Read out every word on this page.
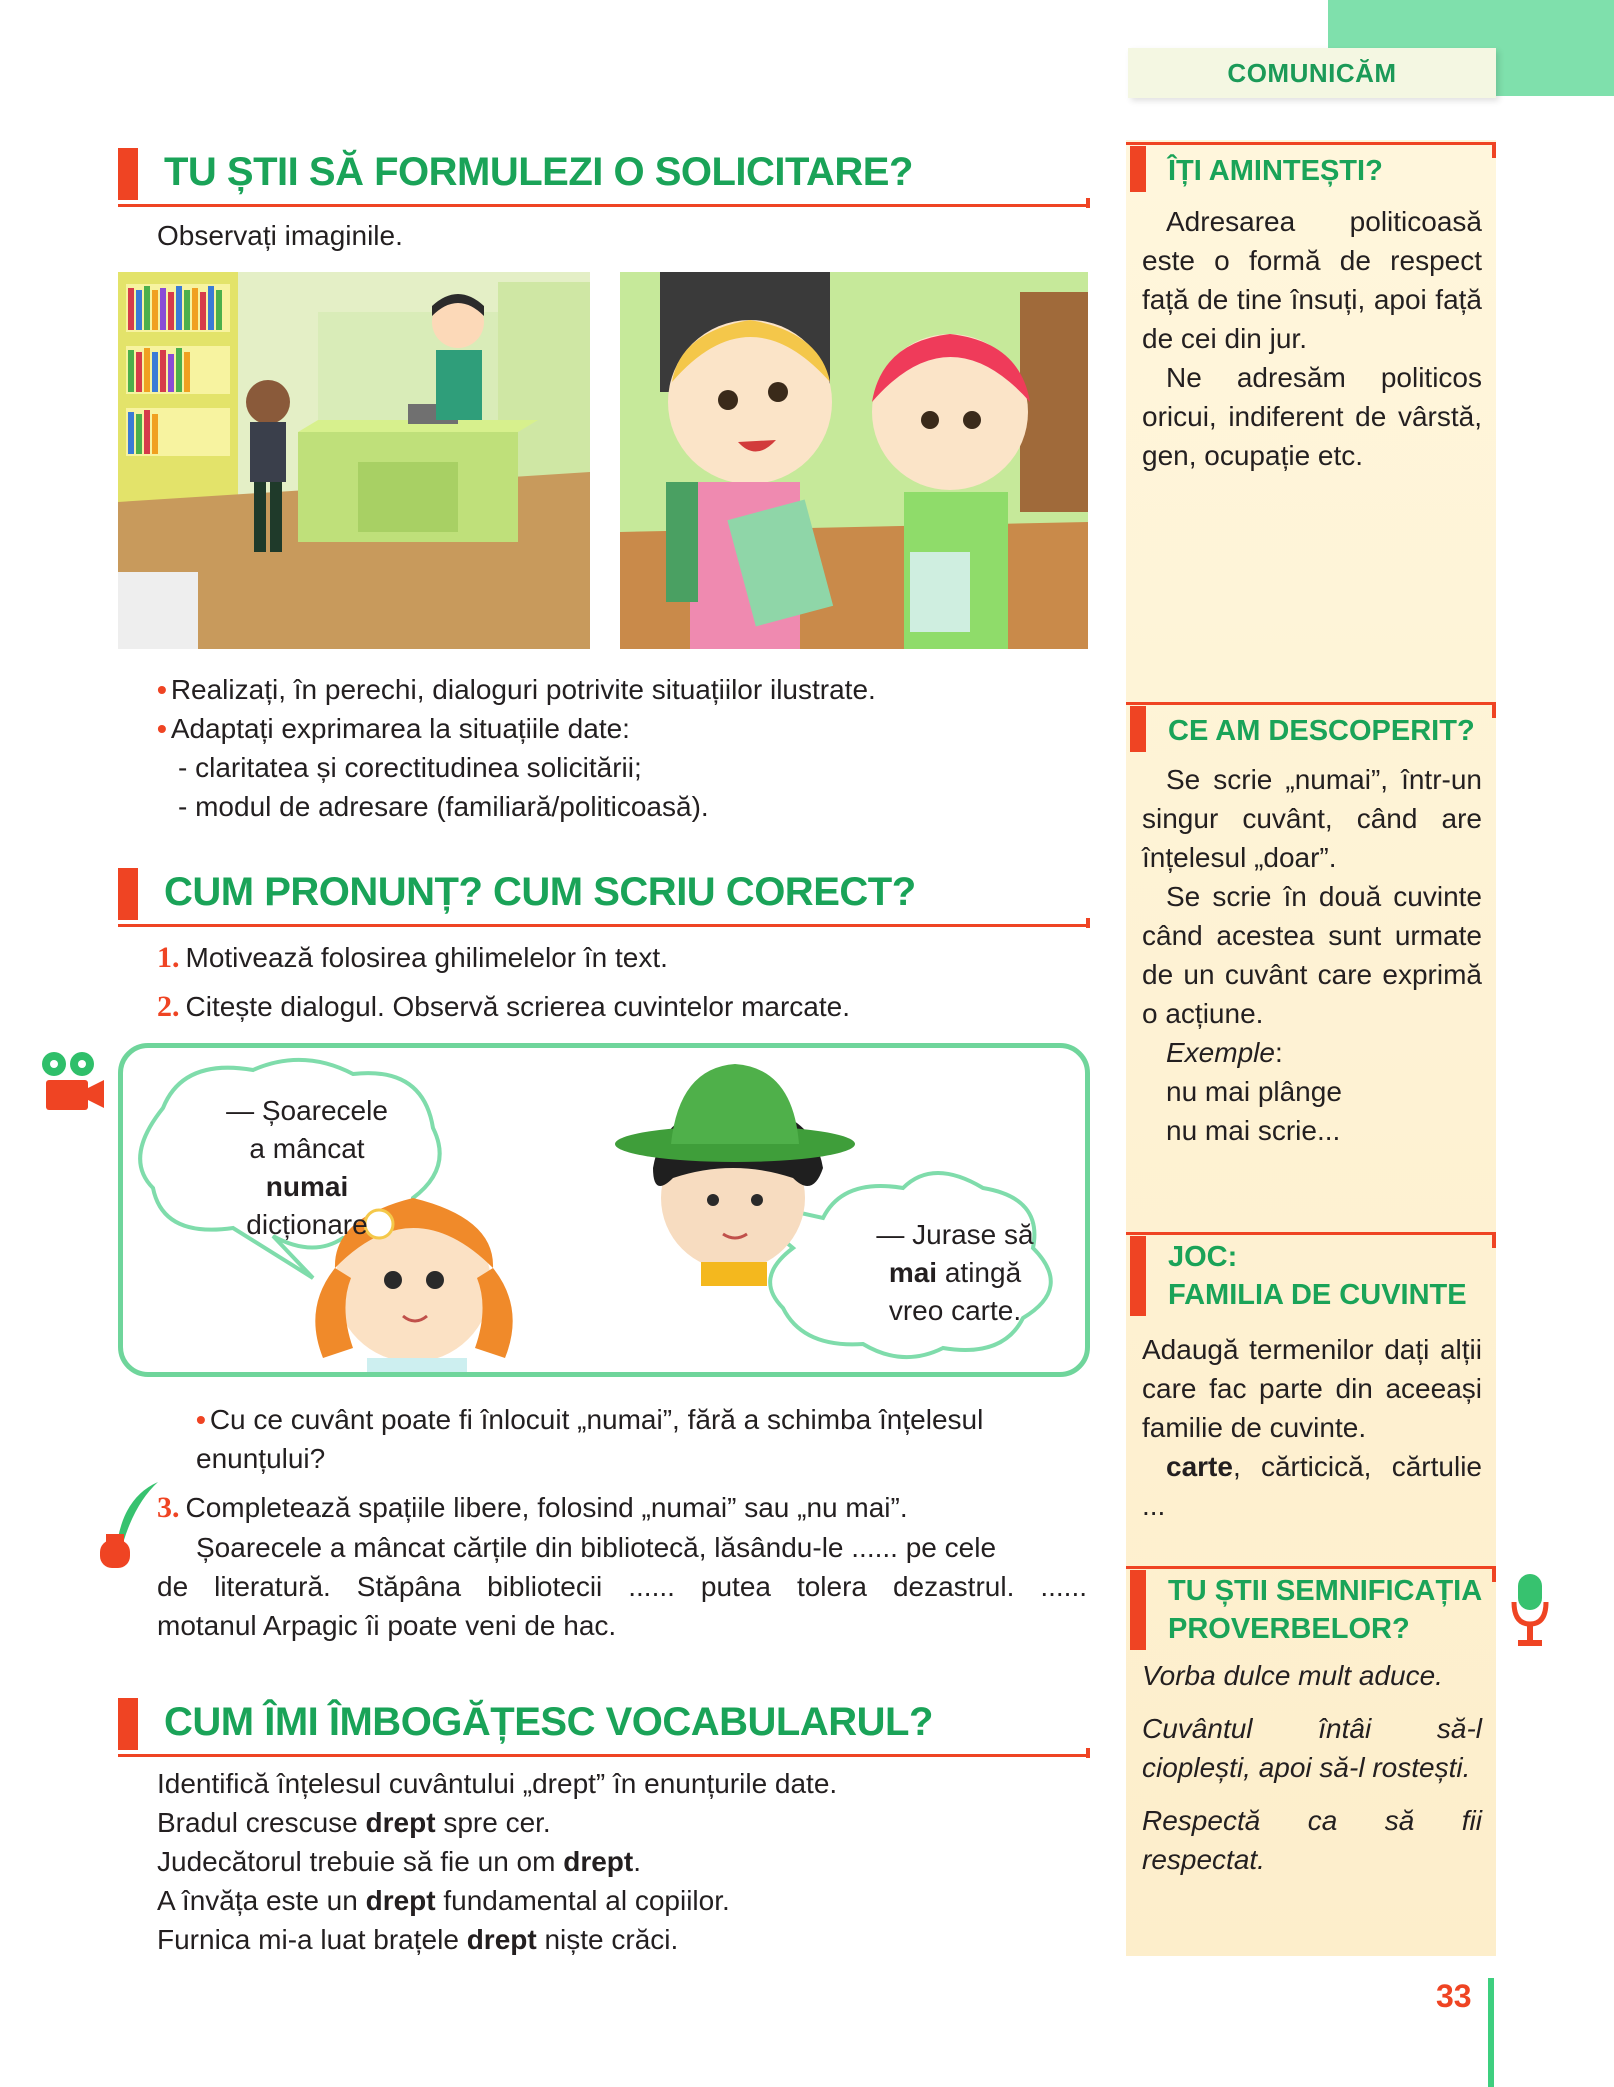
COMUNICĂM
TU ȘTII SĂ FORMULEZI O SOLICITARE?
Observați imaginile.
• Realizați, în perechi, dialoguri potrivite situațiilor ilustrate.
• Adaptați exprimarea la situațiile date:
- claritatea și corectitudinea solicitării;
- modul de adresare (familiară/politicoasă).
CUM PRONUNȚ? CUM SCRIU CORECT?
1. Motivează folosirea ghilimelelor în text.
2. Citește dialogul. Observă scrierea cuvintelor marcate.
— Șoarecele
a mâncat numai
dicționare	— Jurase să
mai atingă
vreo carte.
• Cu ce cuvânt poate fi înlocuit „numai”, fără a schimba înțelesul
enunțului?
3. Completează spațiile libere, folosind „numai” sau „nu mai”.
Șoarecele a mâncat cărțile din bibliotecă, lăsându-le ...... pe cele
de literatură. Stăpâna bibliotecii ...... putea tolera dezastrul. ......
motanul Arpagic îi poate veni de hac.
CUM ÎMI ÎMBOGĂȚESC VOCABULARUL?
Identifică înțelesul cuvântului „drept” în enunțurile date.
Bradul crescuse drept spre cer.
Judecătorul trebuie să fie un om drept.
A învăța este un drept fundamental al copiilor.
Furnica mi-a luat brațele drept niște crăci.
ÎȚI AMINTEȘTI?

Adresarea politicoasă este o formă de respect față de tine însuți, apoi față de cei din jur.

Ne adresăm politicos oricui, indiferent de vârstă, gen, ocupație etc.

CE AM DESCOPERIT?

Se scrie „numai”, într-un singur cuvânt, când are înțelesul „doar”.

Se scrie în două cuvinte când acestea sunt urmate de un cuvânt care exprimă o acțiune.

Exemple:

nu mai plânge

nu mai scrie...

JOC:
FAMILIA DE CUVINTE

Adaugă termenilor dați alții care fac parte din aceeași familie de cuvinte.

carte, cărticică, cărtulie ...

TU ȘTII SEMNIFICAȚIA
PROVERBELOR?

Vorba dulce mult aduce.

Cuvântul întâi să-l cioplești, apoi să-l rostești.

Respectă ca să fii respectat.

33
